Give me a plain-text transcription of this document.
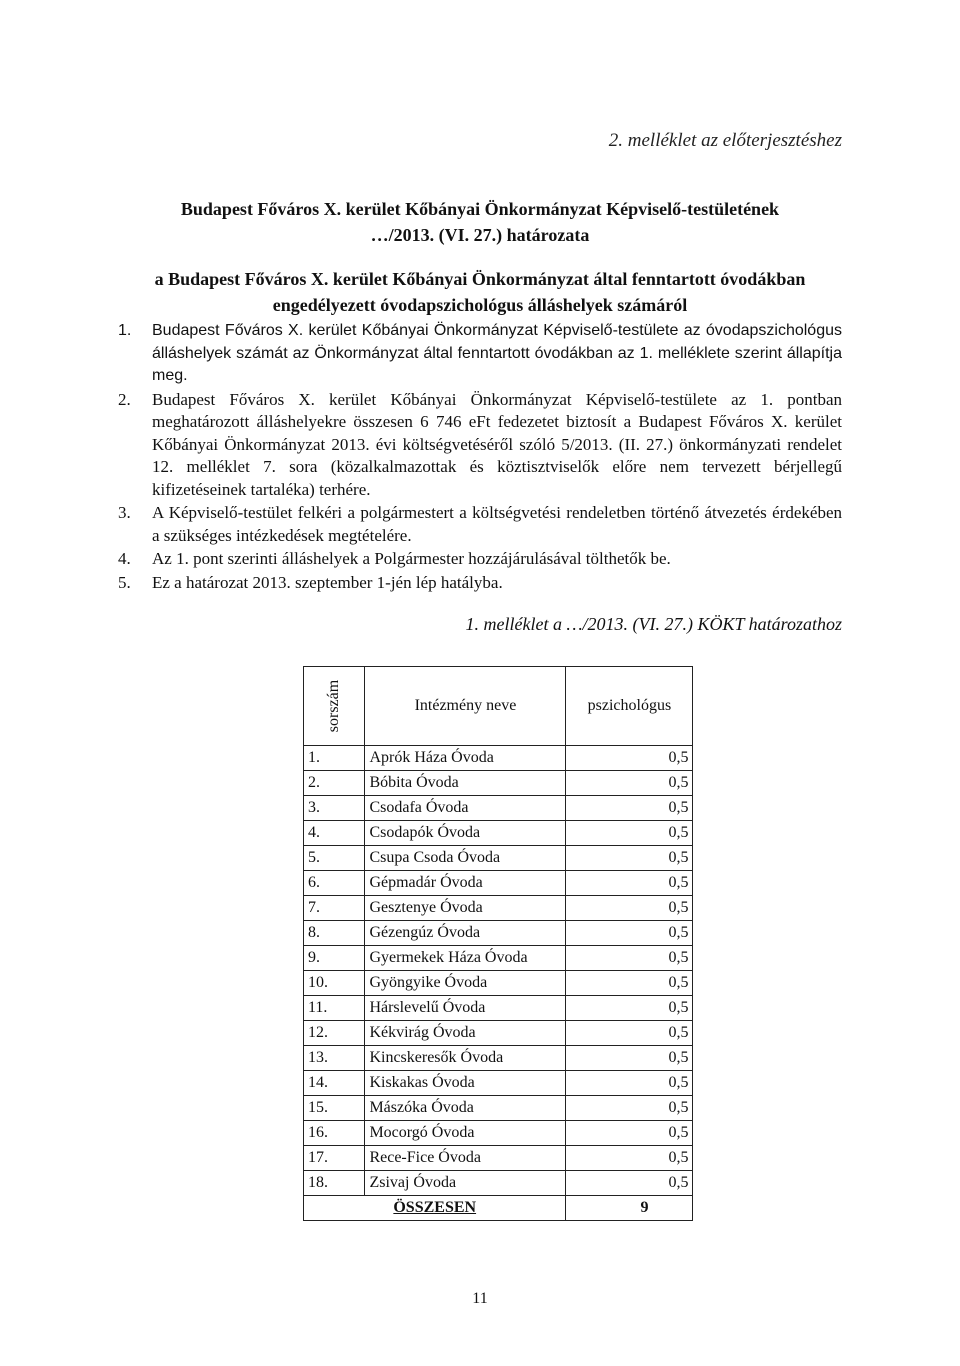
2. melléklet az előterjesztéshez
Budapest Főváros X. kerület Kőbányai Önkormányzat Képviselő-testületének
…/2013. (VI. 27.) határozata
a Budapest Főváros X. kerület Kőbányai Önkormányzat által fenntartott óvodákban
engedélyezett óvodapszichológus álláshelyek számáról
1.	Budapest Főváros X. kerület Kőbányai Önkormányzat Képviselő-testülete az óvodapszichológus álláshelyek számát az Önkormányzat által fenntartott óvodákban az 1. melléklete szerint állapítja meg.
2.	Budapest Főváros X. kerület Kőbányai Önkormányzat Képviselő-testülete az 1. pontban meghatározott álláshelyekre összesen 6 746 eFt fedezetet biztosít a Budapest Főváros X. kerület Kőbányai Önkormányzat 2013. évi költségvetéséről szóló 5/2013. (II. 27.) önkormányzati rendelet 12. melléklet 7. sora (közalkalmazottak és köztisztviselők előre nem tervezett bérjellegű kifizetéseinek tartaléka) terhére.
3.	A Képviselő-testület felkéri a polgármestert a költségvetési rendeletben történő átvezetés érdekében a szükséges intézkedések megtételére.
4.	Az 1. pont szerinti álláshelyek a Polgármester hozzájárulásával tölthetők be.
5.	Ez a határozat 2013. szeptember 1-jén lép hatályba.
1. melléklet a …/2013. (VI. 27.) KÖKT határozathoz
sorszám	Intézmény neve	pszichológus
1.	Aprók Háza Óvoda	0,5
2.	Bóbita Óvoda	0,5
3.	Csodafa Óvoda	0,5
4.	Csodapók Óvoda	0,5
5.	Csupa Csoda Óvoda	0,5
6.	Gépmadár Óvoda	0,5
7.	Gesztenye Óvoda	0,5
8.	Gézengúz Óvoda	0,5
9.	Gyermekek Háza Óvoda	0,5
10.	Gyöngyike Óvoda	0,5
11.	Hárslevelű Óvoda	0,5
12.	Kékvirág Óvoda	0,5
13.	Kincskeresők Óvoda	0,5
14.	Kiskakas Óvoda	0,5
15.	Mászóka Óvoda	0,5
16.	Mocorgó Óvoda	0,5
17.	Rece-Fice Óvoda	0,5
18.	Zsivaj Óvoda	0,5
ÖSSZESEN		9
11
